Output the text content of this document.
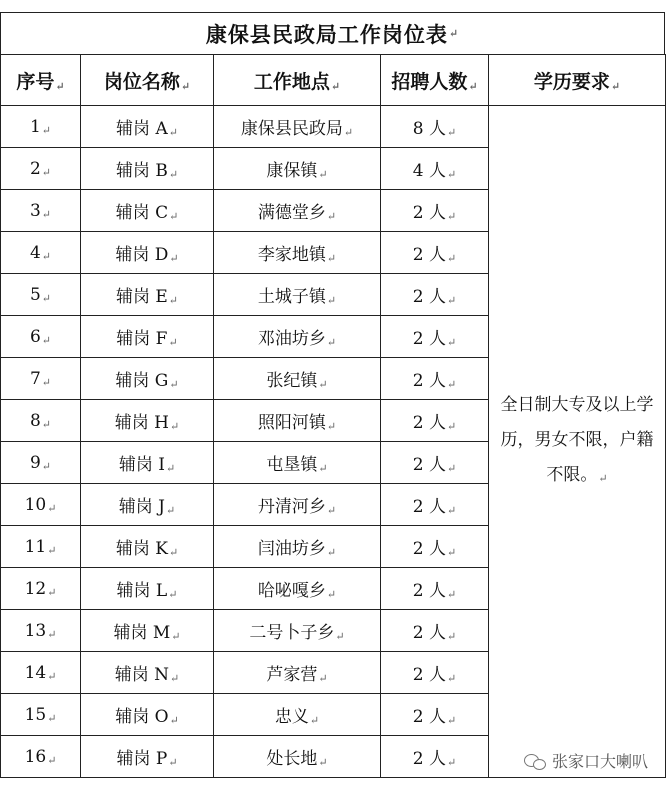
康保县民政局工作岗位表 ↵
序号↵	岗位名称↵	工作地点↵	招聘人数↵	学历要求↵
1↵	辅岗 A↵	康保县民政局↵	8 人↵	全日制大专及以上学历，男女不限，户籍不限。↵
2↵	辅岗 B↵	康保镇↵	4 人↵	
3↵	辅岗 C↵	满德堂乡↵	2 人↵	
4↵	辅岗 D↵	李家地镇↵	2 人↵	
5↵	辅岗 E↵	土城子镇↵	2 人↵	
6↵	辅岗 F↵	邓油坊乡↵	2 人↵	
7↵	辅岗 G↵	张纪镇↵	2 人↵	
8↵	辅岗 H↵	照阳河镇↵	2 人↵	
9↵	辅岗 I↵	屯垦镇↵	2 人↵	
10↵	辅岗 J↵	丹清河乡↵	2 人↵	
11↵	辅岗 K↵	闫油坊乡↵	2 人↵	
12↵	辅岗 L↵	哈咇嘎乡↵	2 人↵	
13↵	辅岗 M↵	二号卜子乡↵	2 人↵	
14↵	辅岗 N↵	芦家营↵	2 人↵	
15↵	辅岗 O↵	忠义↵	2 人↵	
16↵	辅岗 P↵	处长地↵	2 人↵		张家口大喇叭
